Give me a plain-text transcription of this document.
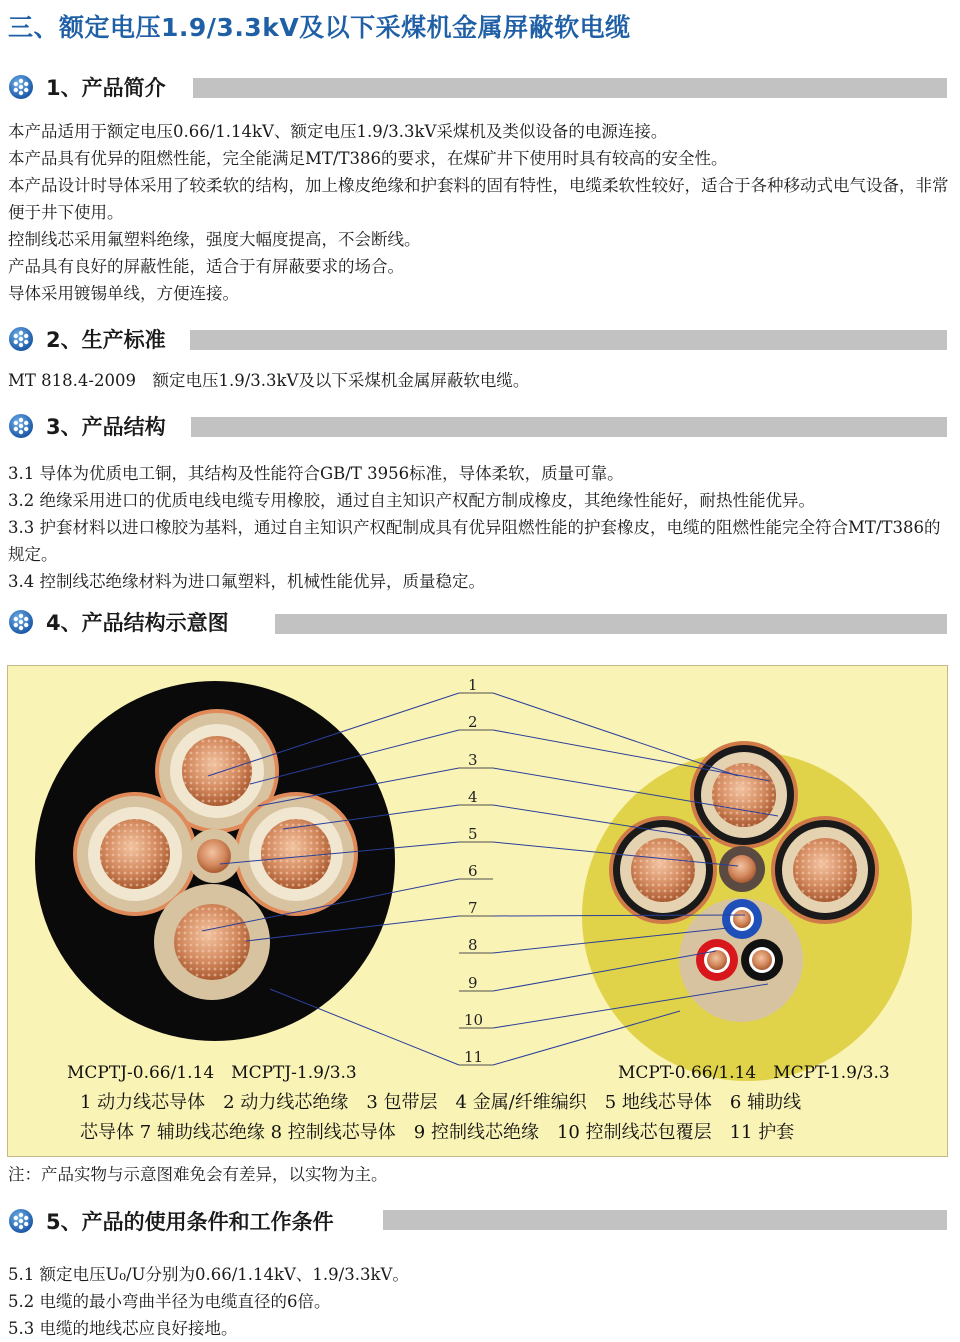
三、额定电压1.9/3.3kV及以下采煤机金属屏蔽软电缆
1、产品简介

本产品适用于额定电压0.66/1.14kV、额定电压1.9/3.3kV采煤机及类似设备的电源连接。

本产品具有优异的阻燃性能，完全能满足MT/T386的要求，在煤矿井下使用时具有较高的安全性。

本产品设计时导体采用了较柔软的结构，加上橡皮绝缘和护套料的固有特性，电缆柔软性较好，适合于各种移动式电气设备，非常便于井下使用。

控制线芯采用氟塑料绝缘，强度大幅度提高，不会断线。

产品具有良好的屏蔽性能，适合于有屏蔽要求的场合。

导体采用镀锡单线，方便连接。

2、生产标准

MT 818.4-2009　额定电压1.9/3.3kV及以下采煤机金属屏蔽软电缆。

3、产品结构

3.1 导体为优质电工铜，其结构及性能符合GB/T 3956标准，导体柔软，质量可靠。

3.2 绝缘采用进口的优质电线电缆专用橡胶，通过自主知识产权配方制成橡皮，其绝缘性能好，耐热性能优异。

3.3 护套材料以进口橡胶为基料，通过自主知识产权配制成具有优异阻燃性能的护套橡皮，电缆的阻燃性能完全符合MT/T386的规定。

3.4 控制线芯绝缘材料为进口氟塑料，机械性能优异，质量稳定。

4、产品结构示意图
1
2
3
4
5
6
7
8
9
10
11
MCPTJ-0.66/1.14　MCPTJ-1.9/3.3	MCPT-0.66/1.14　MCPT-1.9/3.3
1 动力线芯导体　2 动力线芯绝缘　3 包带层　4 金属/纤维编织　5 地线芯导体　6 辅助线
芯导体 7 辅助线芯绝缘 8 控制线芯导体　9 控制线芯绝缘　10 控制线芯包覆层　11 护套

注：产品实物与示意图难免会有差异，以实物为主。

5、产品的使用条件和工作条件

5.1 额定电压U₀/U分别为0.66/1.14kV、1.9/3.3kV。

5.2 电缆的最小弯曲半径为电缆直径的6倍。

5.3 电缆的地线芯应良好接地。
